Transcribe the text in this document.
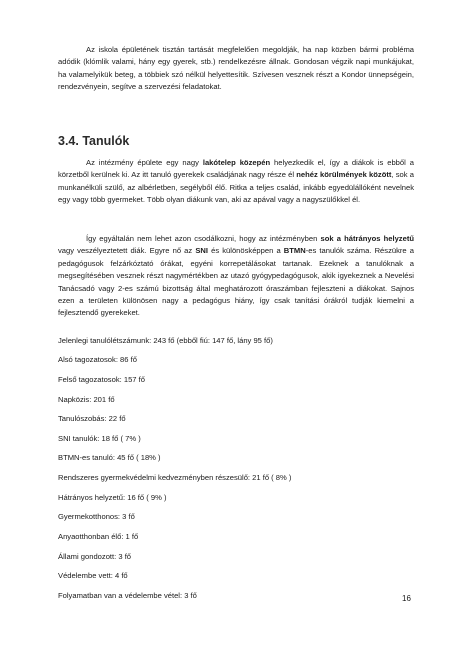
Az iskola épületének tisztán tartását megfelelően megoldják, ha nap közben bármi probléma adódik (klómlik valami, hány egy gyerek, stb.) rendelkezésre állnak. Gondosan végzik napi munkájukat, ha valamelyikük beteg, a többiek szó nélkül helyettesítik. Szívesen vesznek részt a Kondor ünnepségein, rendezvényein, segítve a szervezési feladatokat.

3.4. Tanulók

Az intézmény épülete egy nagy lakótelep közepén helyezkedik el, így a diákok is ebből a körzetből kerülnek ki. Az itt tanuló gyerekek családjának nagy része él nehéz körülmények között, sok a munkanélküli szülő, az albérletben, segélyből élő. Ritka a teljes család, inkább egyedülállóként nevelnek egy vagy több gyermeket. Több olyan diákunk van, aki az apával vagy a nagyszülőkkel él.

Így egyáltalán nem lehet azon csodálkozni, hogy az intézményben sok a hátrányos helyzetű vagy veszélyeztetett diák. Egyre nő az SNI és különösképpen a BTMN-es tanulók száma. Részükre a pedagógusok felzárkóztató órákat, egyéni korrepetálásokat tartanak. Ezeknek a tanulóknak a megsegítésében vesznek részt nagymértékben az utazó gyógypedagógusok, akik igyekeznek a Nevelési Tanácsadó vagy 2-es számú bizottság által meghatározott óraszámban fejleszteni a diákokat. Sajnos ezen a területen különösen nagy a pedagógus hiány, így csak tanítási órákról tudják kiemelni a fejlesztendő gyerekeket.

Jelenlegi tanulólétszámunk: 243 fő (ebből fiú: 147 fő, lány 95 fő)

Alsó tagozatosok: 86 fő

Felső tagozatosok: 157 fő

Napközis: 201 fő

Tanulószobás: 22 fő

SNI tanulók: 18 fő ( 7% )

BTMN-es tanuló: 45 fő ( 18% )

Rendszeres gyermekvédelmi kedvezményben részesülő: 21 fő ( 8% )

Hátrányos helyzetű: 16 fő ( 9% )

Gyermekotthonos: 3 fő

Anyaotthonban élő: 1 fő

Állami gondozott: 3 fő

Védelembe vett: 4 fő

Folyamatban van a védelembe vétel: 3 fő	16
